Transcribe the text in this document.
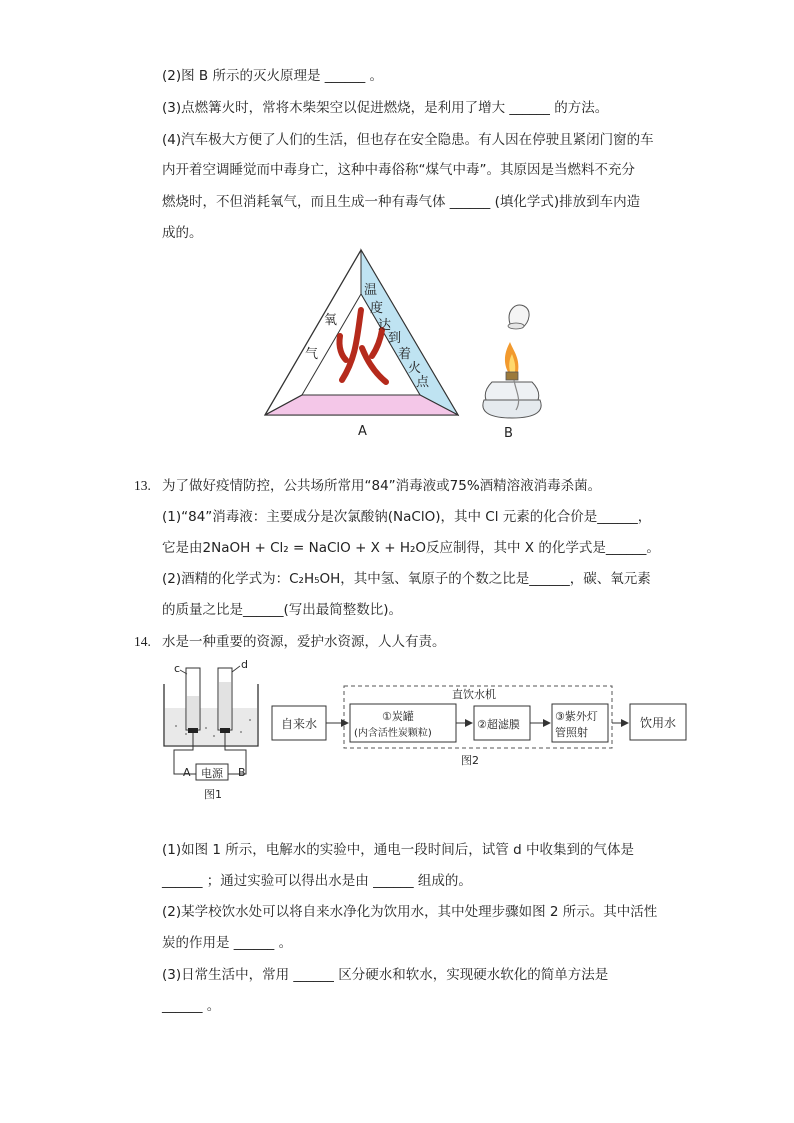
(2)图 B 所示的灭火原理是 ______ 。
(3)点燃篝火时，常将木柴架空以促进燃烧，是利用了增大 ______ 的方法。
(4)汽车极大方便了人们的生活，但也存在安全隐患。有人因在停驶且紧闭门窗的车
内开着空调睡觉而中毒身亡，这种中毒俗称“煤气中毒”。其原因是当燃料不充分
燃烧时，不但消耗氧气，而且生成一种有毒气体 ______ (填化学式)排放到车内造
成的。
氧
气
温
度
达
到
着
火
点
A	B
13. 为了做好疫情防控，公共场所常用“84”消毒液或75%酒精溶液消毒杀菌。
(1)“84”消毒液：主要成分是次氯酸钠(NaClO)，其中 Cl 元素的化合价是______，
它是由2NaOH + Cl₂ = NaClO + X + H₂O反应制得，其中 X 的化学式是______。
(2)酒精的化学式为：C₂H₅OH，其中氢、氧原子的个数之比是______，碳、氧元素
的质量之比是______(写出最简整数比)。
14. 水是一种重要的资源，爱护水资源，人人有责。
电源
c	d
A	B
图1
直饮水机
自来水
①炭罐
(内含活性炭颗粒)
②超滤膜
③紫外灯
管照射
饮用水
图2
(1)如图 1 所示，电解水的实验中，通电一段时间后，试管 d 中收集到的气体是
______ ；通过实验可以得出水是由 ______ 组成的。
(2)某学校饮水处可以将自来水净化为饮用水，其中处理步骤如图 2 所示。其中活性
炭的作用是 ______ 。
(3)日常生活中，常用 ______ 区分硬水和软水，实现硬水软化的简单方法是
______ 。
